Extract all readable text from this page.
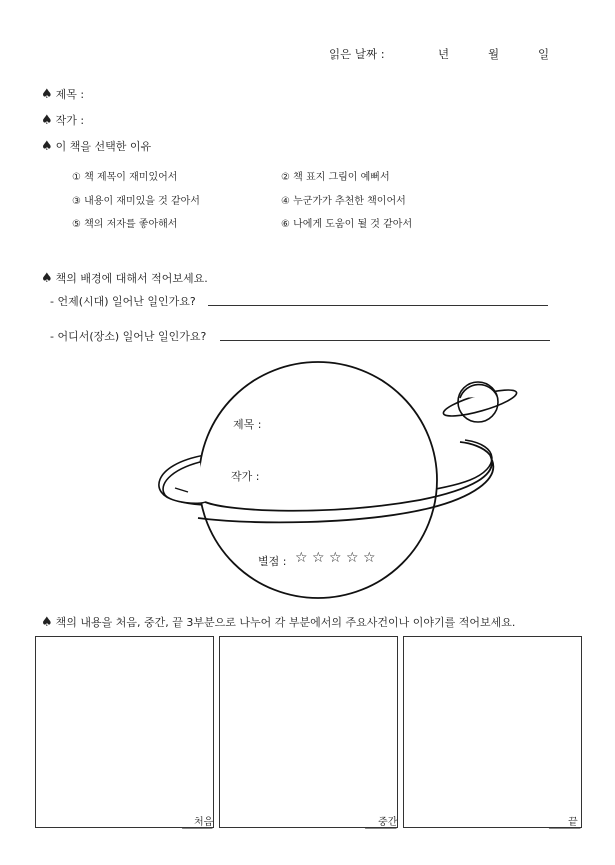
읽은 날짜 :	년	월	일
♠ 제목 :
♠ 작가 :
♠ 이 책을 선택한 이유
① 책 제목이 재미있어서	② 책 표지 그림이 예뻐서
③ 내용이 재미있을 것 같아서	④ 누군가가 추천한 책이어서
⑤ 책의 저자를 좋아해서	⑥ 나에게 도움이 될 것 같아서
♠ 책의 배경에 대해서 적어보세요.
- 언제(시대) 일어난 일인가요?
- 어디서(장소) 일어난 일인가요?
제목 :
작가 :
별점 : ☆ ☆ ☆ ☆ ☆
♠ 책의 내용을 처음, 중간, 끝 3부분으로 나누어 각 부분에서의 주요사건이나 이야기를 적어보세요.
처음	중간	끝
